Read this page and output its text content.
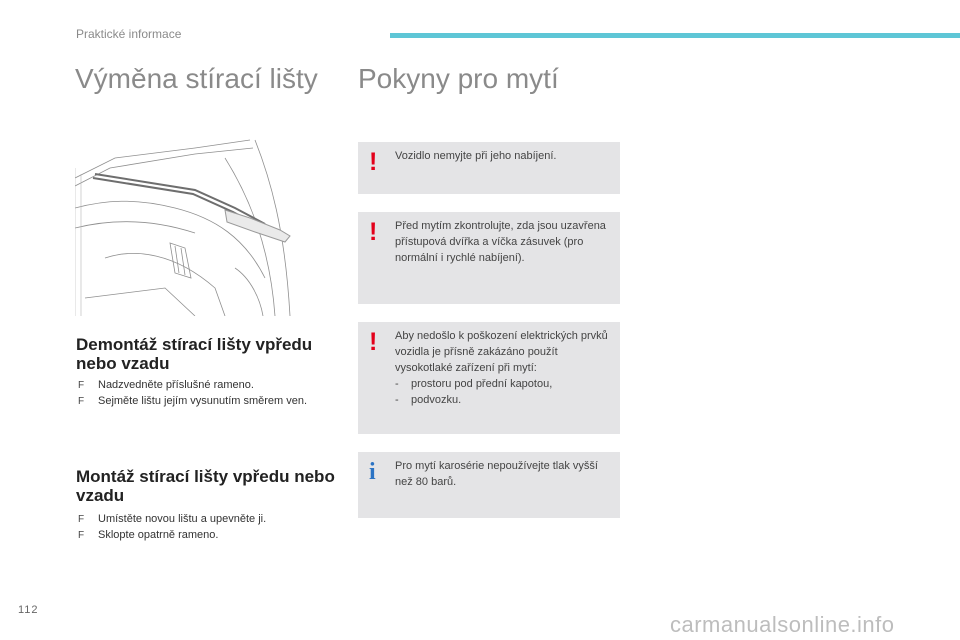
Praktické informace
Výměna stírací lišty
Demontáž stírací lišty vpředu nebo vzadu
F Nadzvedněte příslušné rameno.
F Sejměte lištu jejím vysunutím směrem ven.
Montáž stírací lišty vpředu nebo vzadu
F Umístěte novou lištu a upevněte ji.
F Sklopte opatrně rameno.
Pokyny pro mytí
! Vozidlo nemyjte při jeho nabíjení.
! Před mytím zkontrolujte, zda jsou uzavřena přístupová dvířka a víčka zásuvek (pro normální i rychlé nabíjení).
! Aby nedošlo k poškození elektrických prvků vozidla je přísně zakázáno použít vysokotlaké zařízení při mytí:
- prostoru pod přední kapotou,
- podvozku.
i Pro mytí karosérie nepoužívejte tlak vyšší než 80 barů.
112
carmanualsonline.info
